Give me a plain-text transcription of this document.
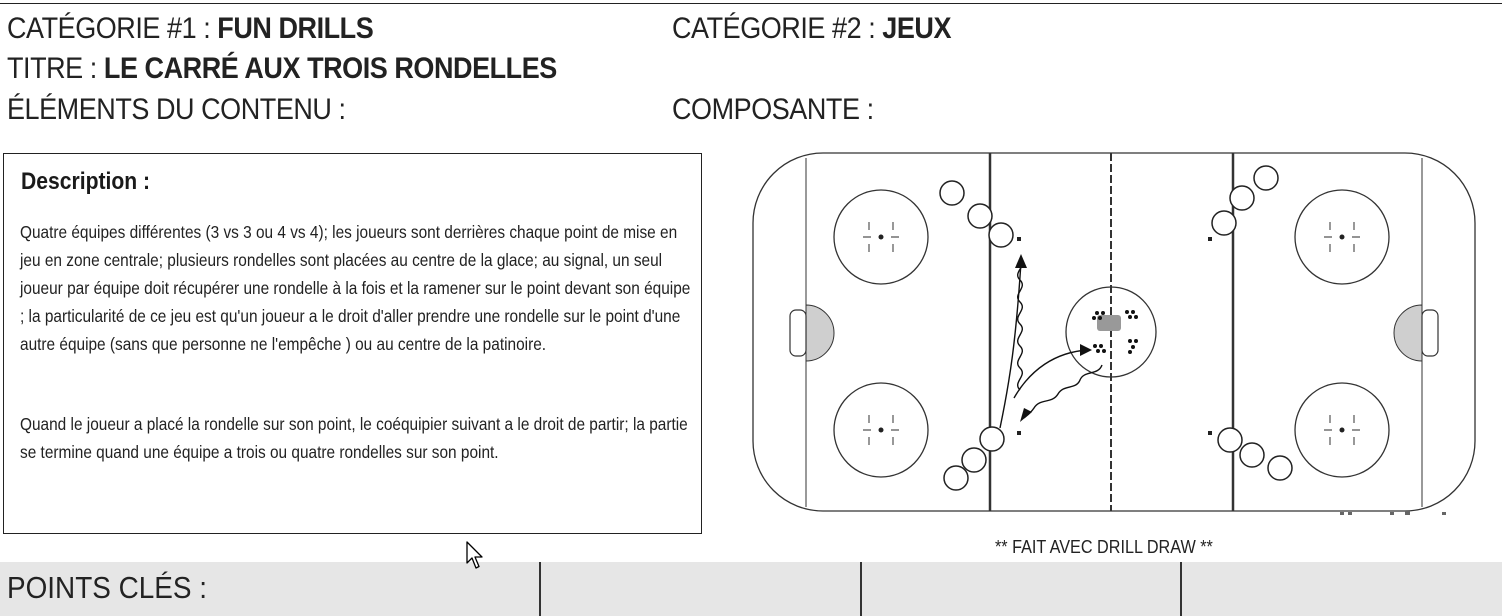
CATÉGORIE #1 : FUN DRILLS	CATÉGORIE #2 : JEUX
TITRE : LE CARRÉ AUX TROIS RONDELLES
ÉLÉMENTS DU CONTENU :	COMPOSANTE :
Description :
Quatre équipes différentes (3 vs 3 ou 4 vs 4); les joueurs sont derrières chaque point de mise en jeu en zone centrale; plusieurs rondelles sont placées au centre de la glace; au signal, un seul joueur par équipe doit récupérer une rondelle à la fois et la ramener sur le point devant son équipe ; la particularité de ce jeu est qu'un joueur a le droit d'aller prendre une rondelle sur le point d'une autre équipe (sans que personne ne l'empêche ) ou au centre de la patinoire.
Quand le joueur a placé la rondelle sur son point, le coéquipier suivant a le droit de partir; la partie se termine quand une équipe a trois ou quatre rondelles sur son point.
** FAIT AVEC DRILL DRAW **
POINTS CLÉS :
